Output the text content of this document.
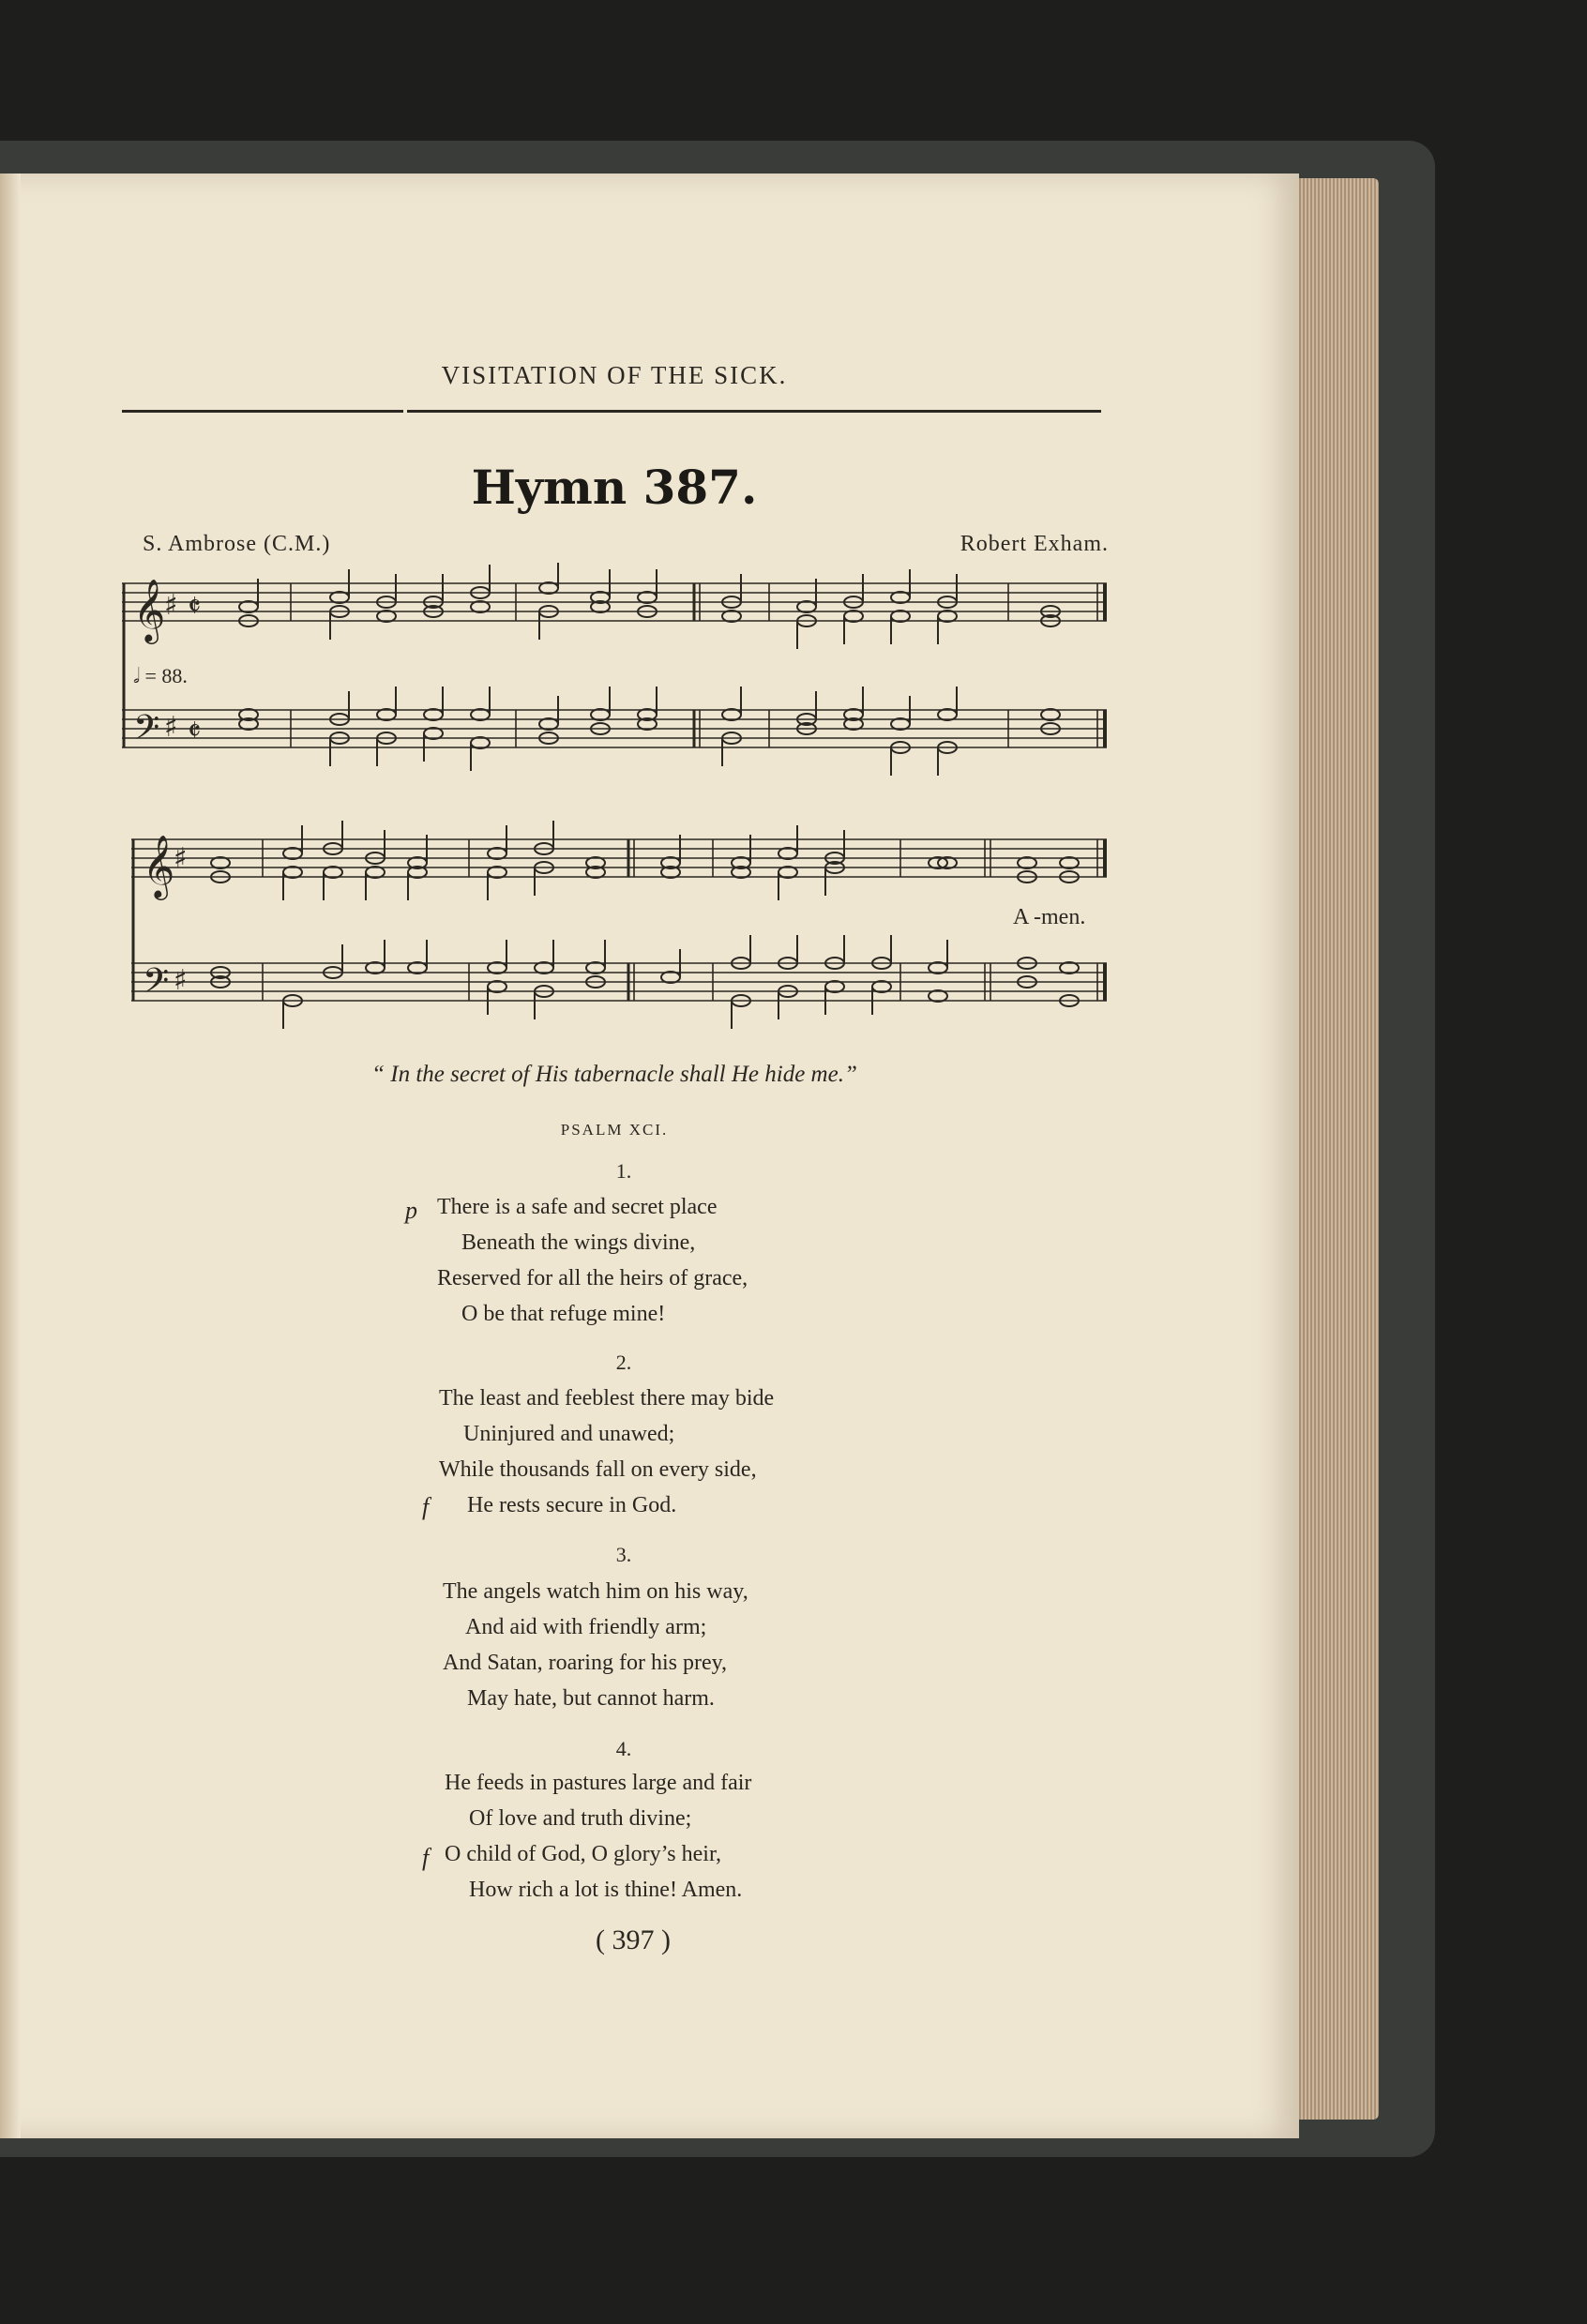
VISITATION OF THE SICK.
Hymn 387.
S. Ambrose (C.M.)	Robert Exham.
𝄞
𝄢
𝄞
𝄢
♯
♯
♯
♯
𝄵
𝄵
𝅗𝅥 = 88.
A -men.
“ In the secret of His tabernacle shall He hide me.”
PSALM XCI.
1.
p There is a safe and secret place
Beneath the wings divine,
Reserved for all the heirs of grace,
O be that refuge mine!
2.
The least and feeblest there may bide
Uninjured and unawed;
While thousands fall on every side,
f He rests secure in God.
3.
The angels watch him on his way,
And aid with friendly arm;
And Satan, roaring for his prey,
May hate, but cannot harm.
4.
He feeds in pastures large and fair
Of love and truth divine;
f O child of God, O glory’s heir,
How rich a lot is thine! Amen.
( 397 )
